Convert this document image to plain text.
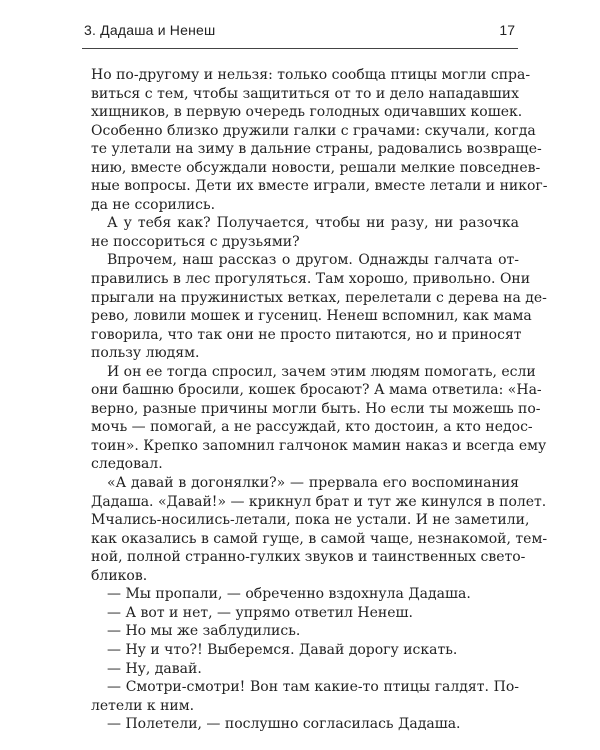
3. Дадаша и Ненеш	17
Но по-другому и нельзя: только сообща птицы могли спра-
виться с тем, чтобы защититься от то и дело нападавших
хищников, в первую очередь голодных одичавших кошек.
Особенно близко дружили галки с грачами: скучали, когда
те улетали на зиму в дальние страны, радовались возвраще-
нию, вместе обсуждали новости, решали мелкие повседнев-
ные вопросы. Дети их вместе играли, вместе летали и никог-
да не ссорились.
А у тебя как? Получается, чтобы ни разу, ни разочка
не поссориться с друзьями?
Впрочем, наш рассказ о другом. Однажды галчата от-
правились в лес прогуляться. Там хорошо, привольно. Они
прыгали на пружинистых ветках, перелетали с дерева на де-
рево, ловили мошек и гусениц. Ненеш вспомнил, как мама
говорила, что так они не просто питаются, но и приносят
пользу людям.
И он ее тогда спросил, зачем этим людям помогать, если
они башню бросили, кошек бросают? А мама ответила: «На-
верно, разные причины могли быть. Но если ты можешь по-
мочь — помогай, а не рассуждай, кто достоин, а кто недос-
тоин». Крепко запомнил галчонок мамин наказ и всегда ему
следовал.
«А давай в догонялки?» — прервала его воспоминания
Дадаша. «Давай!» — крикнул брат и тут же кинулся в полет.
Мчались-носились-летали, пока не устали. И не заметили,
как оказались в самой гуще, в самой чаще, незнакомой, тем-
ной, полной странно-гулких звуков и таинственных свето-
бликов.
— Мы пропали, — обреченно вздохнула Дадаша.
— А вот и нет, — упрямо ответил Ненеш.
— Но мы же заблудились.
— Ну и что?! Выберемся. Давай дорогу искать.
— Ну, давай.
— Смотри-смотри! Вон там какие-то птицы галдят. По-
летели к ним.
— Полетели, — послушно согласилась Дадаша.
